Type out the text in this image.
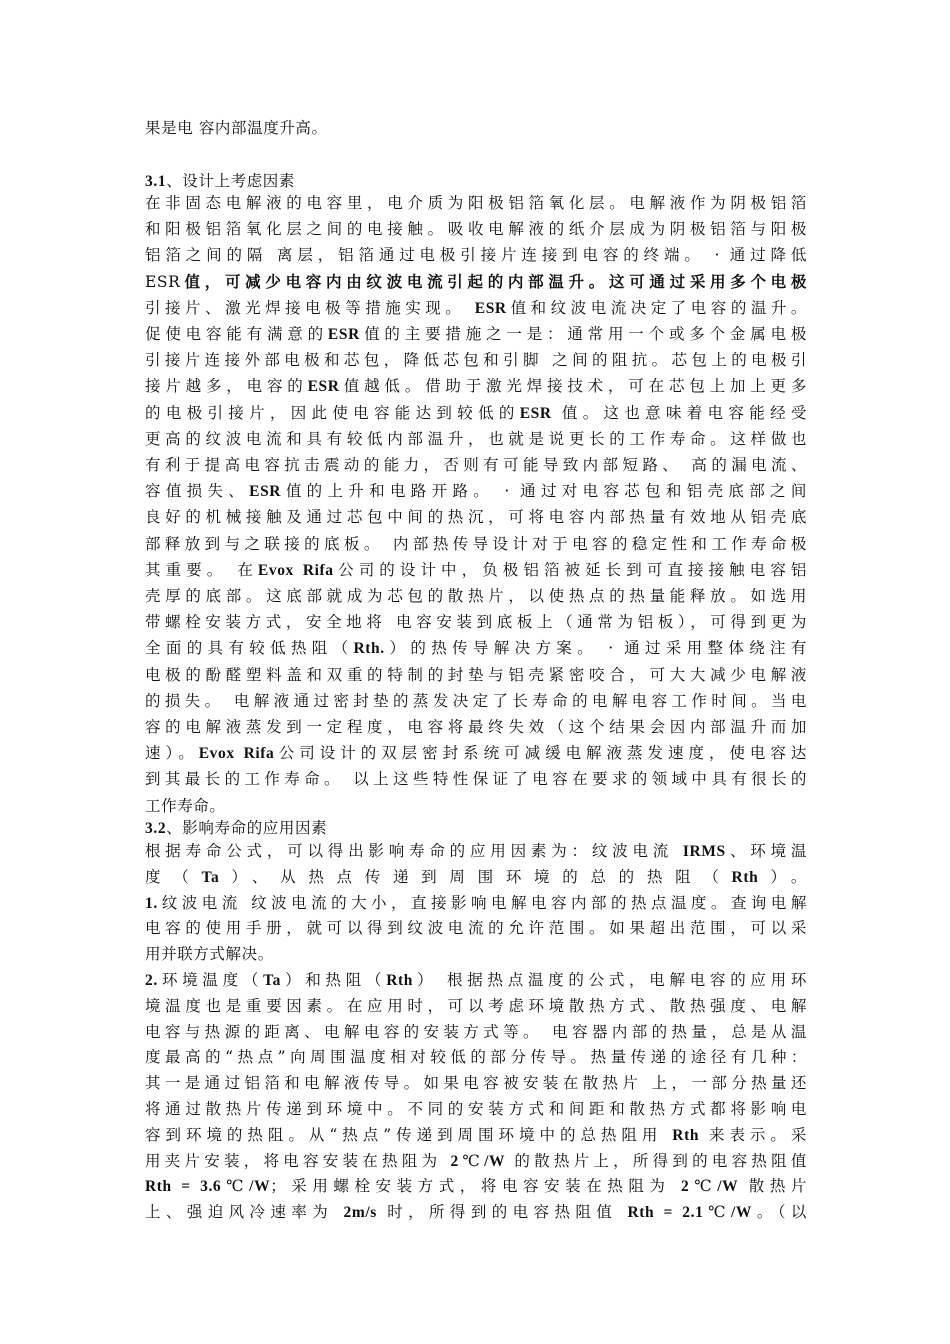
果是电 容内部温度升高。
3.1、设计上考虑因素
在非固态电解液的电容里，电介质为阳极铝箔氧化层。电解液作为阴极铝箔
和阳极铝箔氧化层之间的电接触。吸收电解液的纸介层成为阴极铝箔与阳极
铝箔之间的隔 离层，铝箔通过电极引接片连接到电容的终端。 · 通过降低
ESR值，可减少电容内由纹波电流引起的内部温升。这可通过采用多个电极
引接片、激光焊接电极等措施实现。 ESR值和纹波电流决定了电容的温升。
促使电容能有满意的ESR值的主要措施之一是：通常用一个或多个金属电极
引接片连接外部电极和芯包，降低芯包和引脚 之间的阻抗。芯包上的电极引
接片越多，电容的ESR值越低。借助于激光焊接技术，可在芯包上加上更多
的电极引接片，因此使电容能达到较低的ESR 值。这也意味着电容能经受
更高的纹波电流和具有较低内部温升，也就是说更长的工作寿命。这样做也
有利于提高电容抗击震动的能力，否则有可能导致内部短路、 高的漏电流、
容值损失、ESR值的上升和电路开路。 · 通过对电容芯包和铝壳底部之间
良好的机械接触及通过芯包中间的热沉，可将电容内部热量有效地从铝壳底
部释放到与之联接的底板。 内部热传导设计对于电容的稳定性和工作寿命极
其重要。 在Evox Rifa公司的设计中，负极铝箔被延长到可直接接触电容铝
壳厚的底部。这底部就成为芯包的散热片，以使热点的热量能释放。如选用
带螺栓安装方式，安全地将 电容安装到底板上（通常为铝板），可得到更为
全面的具有较低热阻（Rth.）的热传导解决方案。 · 通过采用整体绕注有
电极的酚醛塑料盖和双重的特制的封垫与铝壳紧密咬合，可大大减少电解液
的损失。 电解液通过密封垫的蒸发决定了长寿命的电解电容工作时间。当电
容的电解液蒸发到一定程度，电容将最终失效（这个结果会因内部温升而加
速）。Evox Rifa公司设计的双层密封系统可减缓电解液蒸发速度，使电容达
到其最长的工作寿命。 以上这些特性保证了电容在要求的领域中具有很长的
工作寿命。
3.2、影响寿命的应用因素
根据寿命公式，可以得出影响寿命的应用因素为：纹波电流 IRMS、环境温
度（Ta）、从热点传递到周围环境的总的热阻（Rth）。
1.纹波电流 纹波电流的大小，直接影响电解电容内部的热点温度。查询电解
电容的使用手册，就可以得到纹波电流的允许范围。如果超出范围，可以采
用并联方式解决。
2.环境温度（Ta）和热阻（Rth） 根据热点温度的公式，电解电容的应用环
境温度也是重要因素。在应用时，可以考虑环境散热方式、散热强度、电解
电容与热源的距离、电解电容的安装方式等。 电容器内部的热量，总是从温
度最高的“热点”向周围温度相对较低的部分传导。热量传递的途径有几种：
其一是通过铝箔和电解液传导。如果电容被安装在散热片 上，一部分热量还
将通过散热片传递到环境中。不同的安装方式和间距和散热方式都将影响电
容到环境的热阻。从“热点”传递到周围环境中的总热阻用 Rth 来表示。采
用夹片安装，将电容安装在热阻为 2℃/W 的散热片上，所得到的电容热阻值
Rth = 3.6℃/W；采用螺栓安装方式，将电容安装在热阻为 2℃/W 散热片
上、强迫风冷速率为 2m/s 时，所得到的电容热阻值 Rth = 2.1℃/W。（以
